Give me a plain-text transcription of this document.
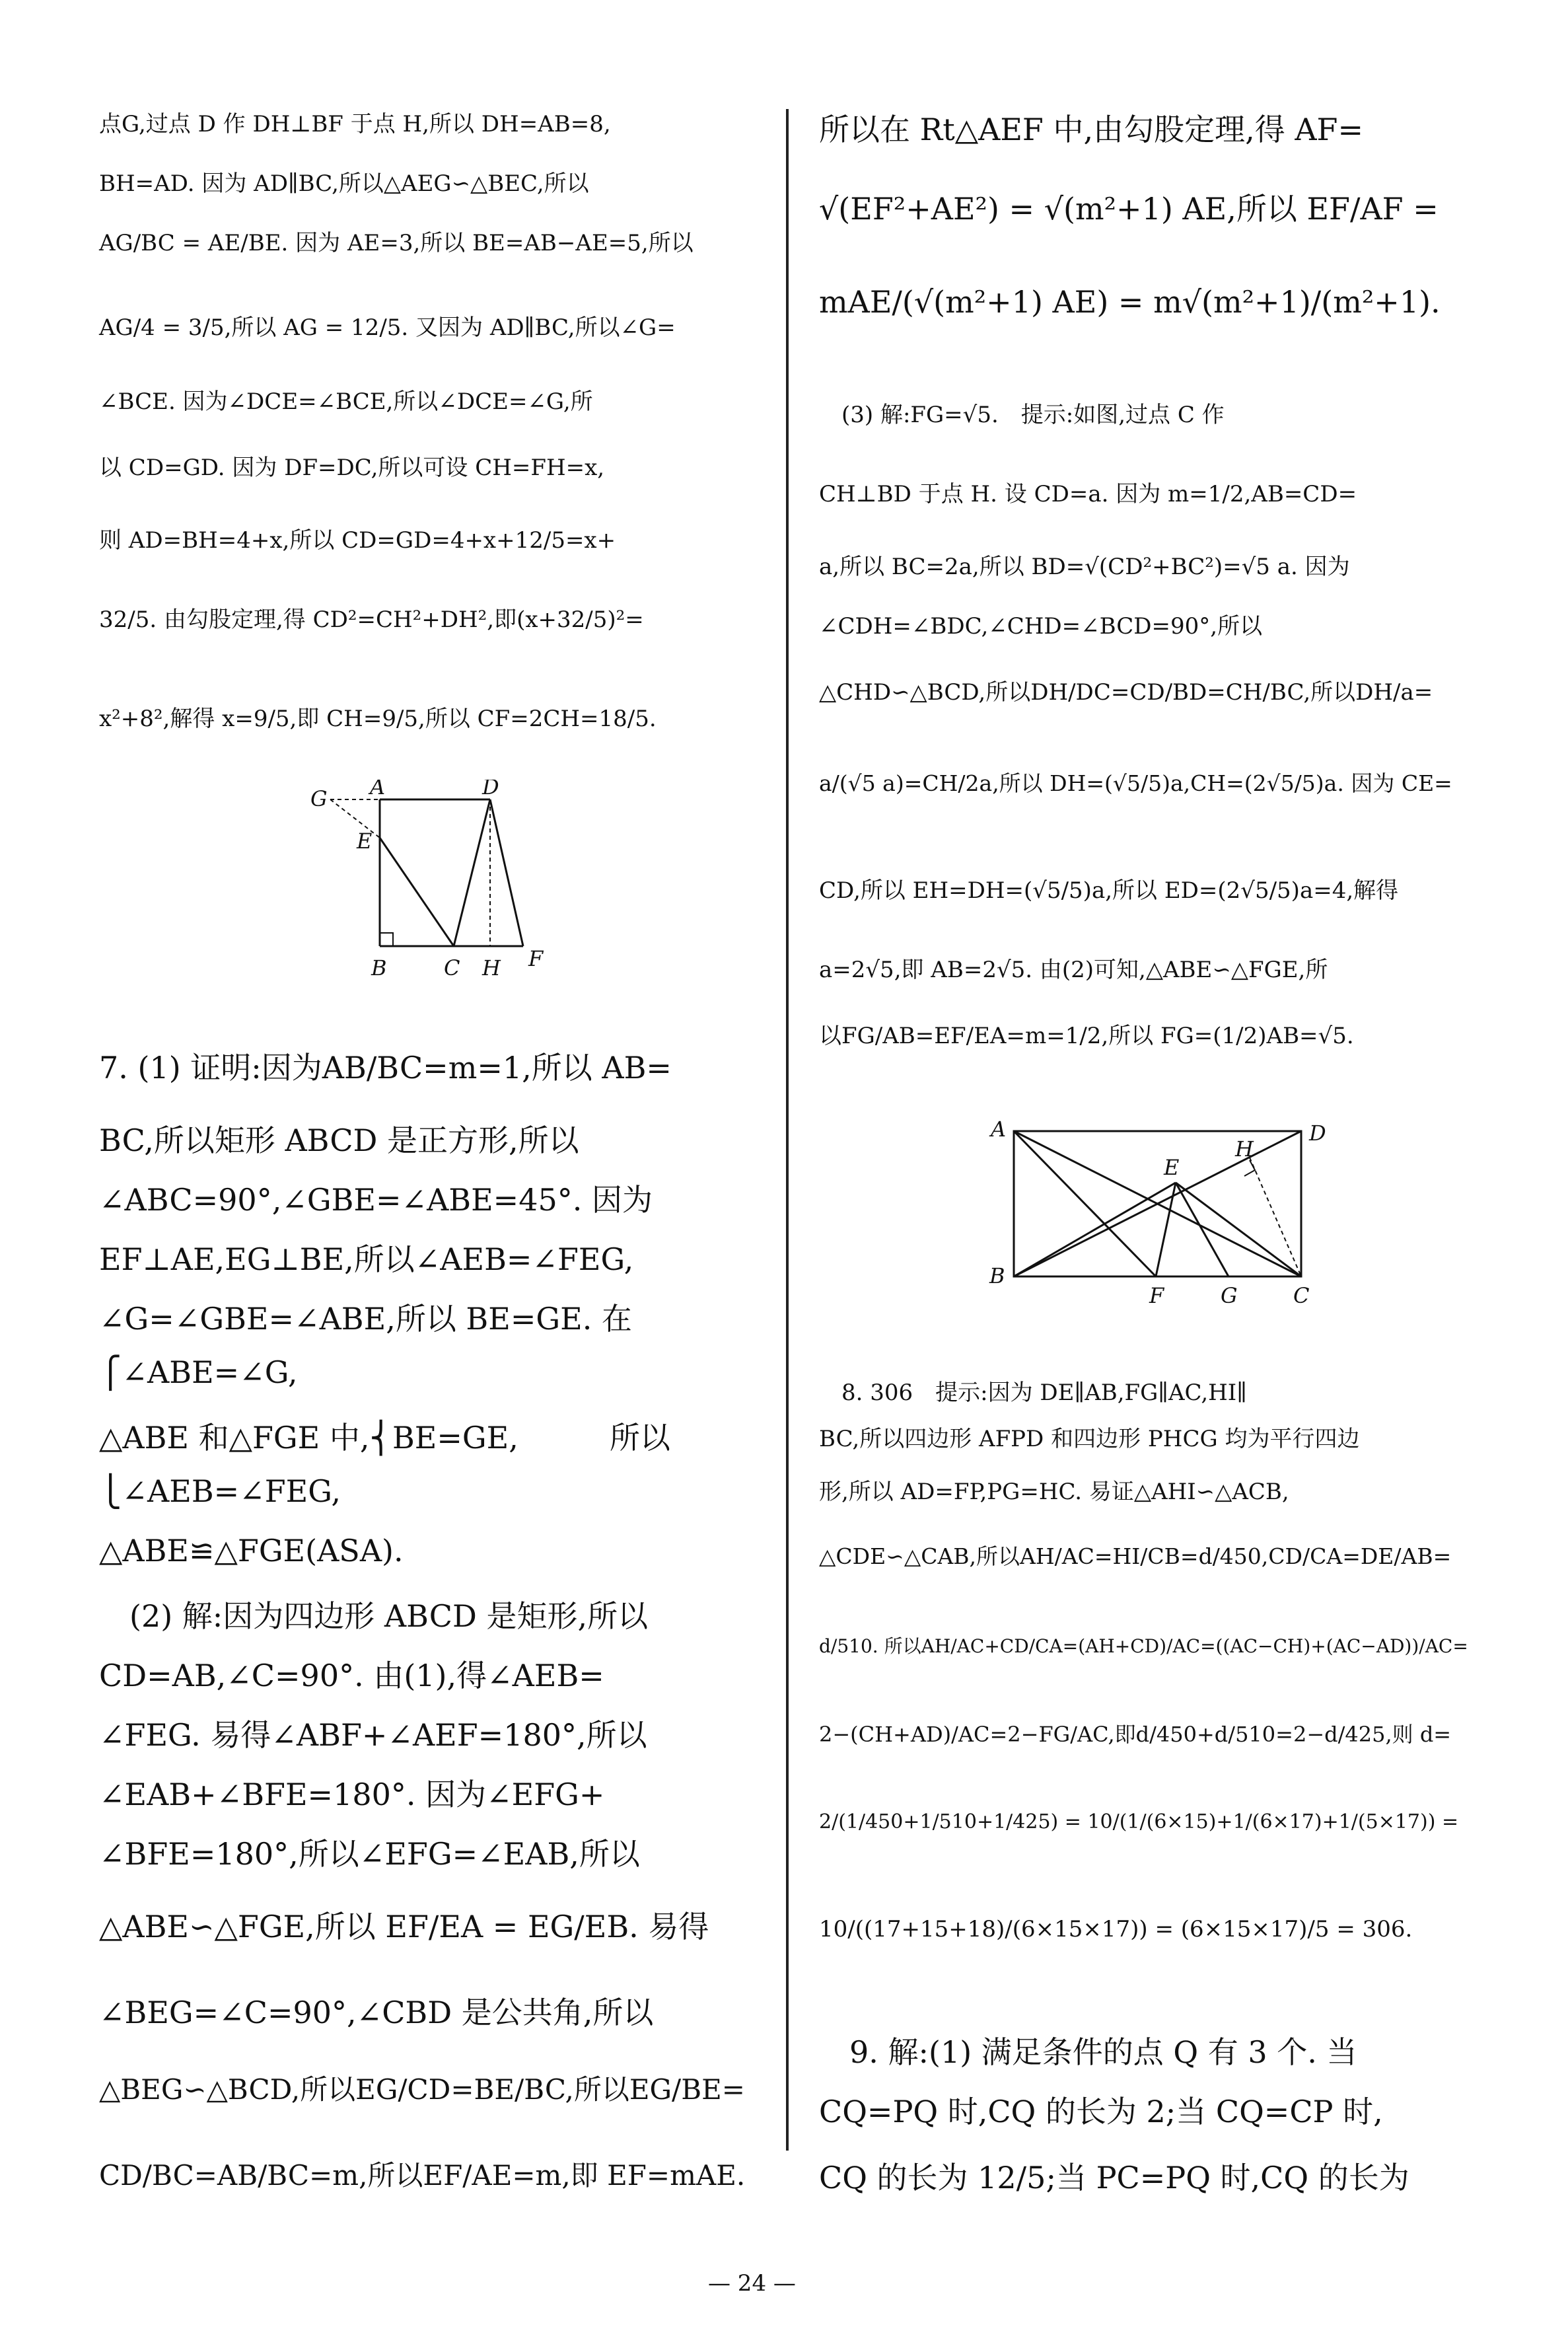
点G,过点 D 作 DH⊥BF 于点 H,所以 DH=AB=8,
BH=AD. 因为 AD∥BC,所以△AEG∽△BEC,所以
AG/BC = AE/BE. 因为 AE=3,所以 BE=AB−AE=5,所以
AG/4 = 3/5,所以 AG = 12/5. 又因为 AD∥BC,所以∠G=
∠BCE. 因为∠DCE=∠BCE,所以∠DCE=∠G,所
以 CD=GD. 因为 DF=DC,所以可设 CH=FH=x,
则 AD=BH=4+x,所以 CD=GD=4+x+12/5=x+
32/5. 由勾股定理,得 CD²=CH²+DH²,即(x+32/5)²=
x²+8²,解得 x=9/5,即 CH=9/5,所以 CF=2CH=18/5.
7. (1) 证明:因为AB/BC=m=1,所以 AB=
BC,所以矩形 ABCD 是正方形,所以
∠ABC=90°,∠GBE=∠ABE=45°. 因为
EF⊥AE,EG⊥BE,所以∠AEB=∠FEG,
∠G=∠GBE=∠ABE,所以 BE=GE. 在
⎧∠ABE=∠G,
△ABE 和△FGE 中,⎨BE=GE,　　　所以
⎩∠AEB=∠FEG,
△ABE≌△FGE(ASA).
　(2) 解:因为四边形 ABCD 是矩形,所以
CD=AB,∠C=90°. 由(1),得∠AEB=
∠FEG. 易得∠ABF+∠AEF=180°,所以
∠EAB+∠BFE=180°. 因为∠EFG+
∠BFE=180°,所以∠EFG=∠EAB,所以
△ABE∽△FGE,所以 EF/EA = EG/EB. 易得
∠BEG=∠C=90°,∠CBD 是公共角,所以
△BEG∽△BCD,所以EG/CD=BE/BC,所以EG/BE=
CD/BC=AB/BC=m,所以EF/AE=m,即 EF=mAE.
所以在 Rt△AEF 中,由勾股定理,得 AF=
√(EF²+AE²) = √(m²+1) AE,所以 EF/AF =
mAE/(√(m²+1) AE) = m√(m²+1)/(m²+1).
　(3) 解:FG=√5.　提示:如图,过点 C 作
CH⊥BD 于点 H. 设 CD=a. 因为 m=1/2,AB=CD=
a,所以 BC=2a,所以 BD=√(CD²+BC²)=√5 a. 因为
∠CDH=∠BDC,∠CHD=∠BCD=90°,所以
△CHD∽△BCD,所以DH/DC=CD/BD=CH/BC,所以DH/a=
a/(√5 a)=CH/2a,所以 DH=(√5/5)a,CH=(2√5/5)a. 因为 CE=
CD,所以 EH=DH=(√5/5)a,所以 ED=(2√5/5)a=4,解得
a=2√5,即 AB=2√5. 由(2)可知,△ABE∽△FGE,所
以FG/AB=EF/EA=m=1/2,所以 FG=(1/2)AB=√5.
　8. 306　提示:因为 DE∥AB,FG∥AC,HI∥
BC,所以四边形 AFPD 和四边形 PHCG 均为平行四边
形,所以 AD=FP,PG=HC. 易证△AHI∽△ACB,
△CDE∽△CAB,所以AH/AC=HI/CB=d/450,CD/CA=DE/AB=
d/510. 所以AH/AC+CD/CA=(AH+CD)/AC=((AC−CH)+(AC−AD))/AC=
2−(CH+AD)/AC=2−FG/AC,即d/450+d/510=2−d/425,则 d=
2/(1/450+1/510+1/425) = 10/(1/(6×15)+1/(6×17)+1/(5×17)) =
10/((17+15+18)/(6×15×17)) = (6×15×17)/5 = 306.
　9. 解:(1) 满足条件的点 Q 有 3 个. 当
CQ=PQ 时,CQ 的长为 2;当 CQ=CP 时,
CQ 的长为 12/5;当 PC=PQ 时,CQ 的长为
G A	D
E
B	C H F
A	D
H
E
B
F	G	C
— 24 —
